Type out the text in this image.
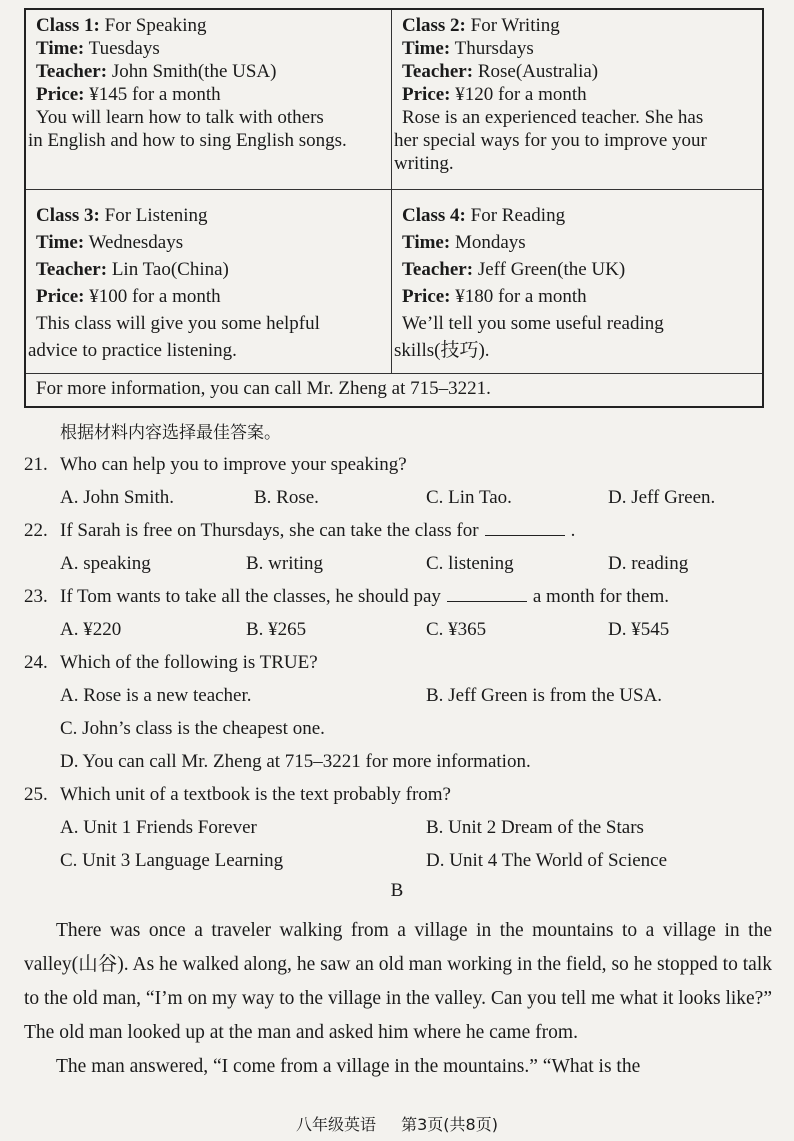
Class 1: For Speaking
Time: Tuesdays
Teacher: John Smith(the USA)
Price: ¥145 for a month
You will learn how to talk with others
in English and how to sing English songs.
Class 2: For Writing
Time: Thursdays
Teacher: Rose(Australia)
Price: ¥120 for a month
Rose is an experienced teacher. She has
her special ways for you to improve your
writing.
Class 3: For Listening
Time: Wednesdays
Teacher: Lin Tao(China)
Price: ¥100 for a month
This class will give you some helpful
advice to practice listening.
Class 4: For Reading
Time: Mondays
Teacher: Jeff Green(the UK)
Price: ¥180 for a month
We’ll tell you some useful reading
skills(技巧).
For more information, you can call Mr. Zheng at 715–3221.
根据材料内容选择最佳答案。
21. Who can help you to improve your speaking?
A. John Smith.	B. Rose.	C. Lin Tao.	D. Jeff Green.
22. If Sarah is free on Thursdays, she can take the class for	.
A. speaking	B. writing	C. listening	D. reading
23. If Tom wants to take all the classes, he should pay	a month for them.
A. ¥220	B. ¥265	C. ¥365	D. ¥545
24. Which of the following is TRUE?
A. Rose is a new teacher.	B. Jeff Green is from the USA.
C. John’s class is the cheapest one.
D. You can call Mr. Zheng at 715–3221 for more information.
25. Which unit of a textbook is the text probably from?
A. Unit 1 Friends Forever	B. Unit 2 Dream of the Stars
C. Unit 3 Language Learning	D. Unit 4 The World of Science
B

There was once a traveler walking from a village in the mountains to a village in the valley(山谷). As he walked along, he saw an old man working in the field, so he stopped to talk to the old man, “I’m on my way to the village in the valley. Can you tell me what it looks like?” The old man looked up at the man and asked him where he came from.

The man answered, “I come from a village in the mountains.” “What is the

八年级英语 第3页(共8页)
